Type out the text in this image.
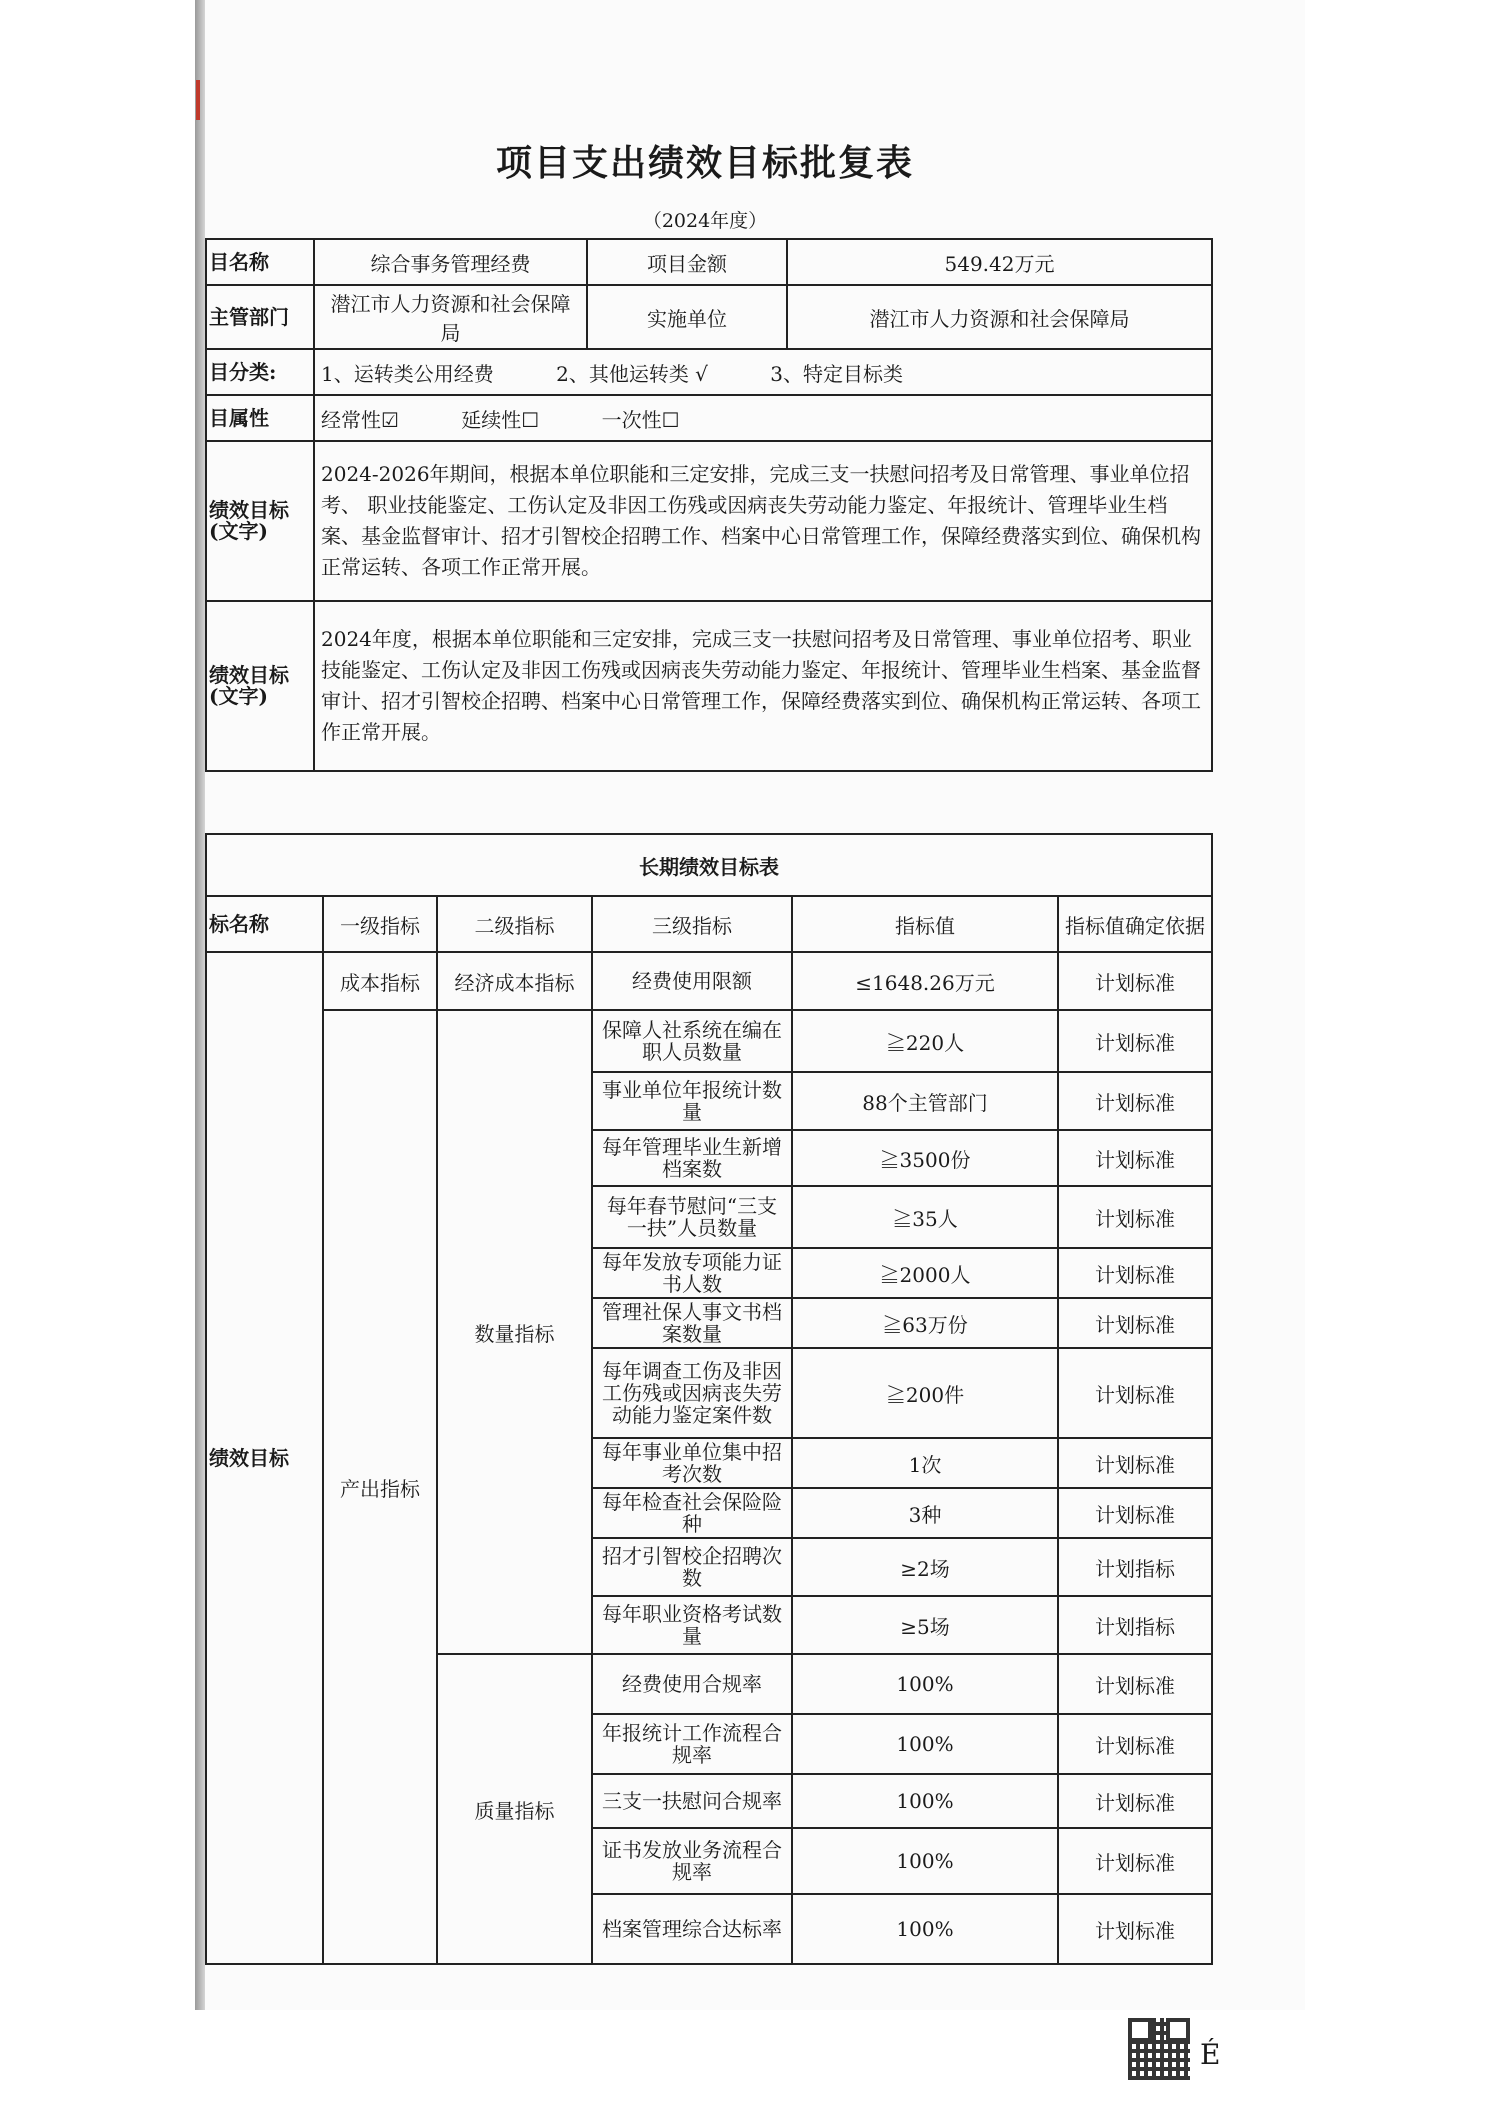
项目支出绩效目标批复表
（2024年度）
目名称	综合事务管理经费	项目金额	549.42万元
主管部门	潜江市人力资源和社会保障局	实施单位	潜江市人力资源和社会保障局
目分类:	1、运转类公用经费 2、其他运转类 √ 3、特定目标类		
目属性	经常性☑ 延续性☐ 一次性☐		
绩效目标(文字)	2024-2026年期间，根据本单位职能和三定安排，完成三支一扶慰问招考及日常管理、事业单位招考、 职业技能鉴定、工伤认定及非因工伤残或因病丧失劳动能力鉴定、年报统计、管理毕业生档案、基金监督审计、招才引智校企招聘工作、档案中心日常管理工作，保障经费落实到位、确保机构正常运转、各项工作正常开展。		
绩效目标(文字)	2024年度，根据本单位职能和三定安排，完成三支一扶慰问招考及日常管理、事业单位招考、职业技能鉴定、工伤认定及非因工伤残或因病丧失劳动能力鉴定、年报统计、管理毕业生档案、基金监督审计、招才引智校企招聘、档案中心日常管理工作，保障经费落实到位、确保机构正常运转、各项工作正常开展。		
长期绩效目标表					
标名称	一级指标	二级指标	三级指标	指标值	指标值确定依据
绩效目标	成本指标	经济成本指标	经费使用限额	≤1648.26万元	计划标准
	产出指标	数量指标	保障人社系统在编在职人员数量	≧220人	计划标准
			事业单位年报统计数量	88个主管部门	计划标准
			每年管理毕业生新增档案数	≧3500份	计划标准
			每年春节慰问“三支一扶”人员数量	≧35人	计划标准
			每年发放专项能力证书人数	≧2000人	计划标准
			管理社保人事文书档案数量	≧63万份	计划标准
			每年调查工伤及非因工伤残或因病丧失劳动能力鉴定案件数	≧200件	计划标准
			每年事业单位集中招考次数	1次	计划标准
			每年检查社会保险险种	3种	计划标准
			招才引智校企招聘次数	≥2场	计划指标
			每年职业资格考试数量	≥5场	计划指标
		质量指标	经费使用合规率	100%	计划标准
			年报统计工作流程合规率	100%	计划标准
			三支一扶慰问合规率	100%	计划标准
			证书发放业务流程合规率	100%	计划标准
			档案管理综合达标率	100%	计划标准
É
